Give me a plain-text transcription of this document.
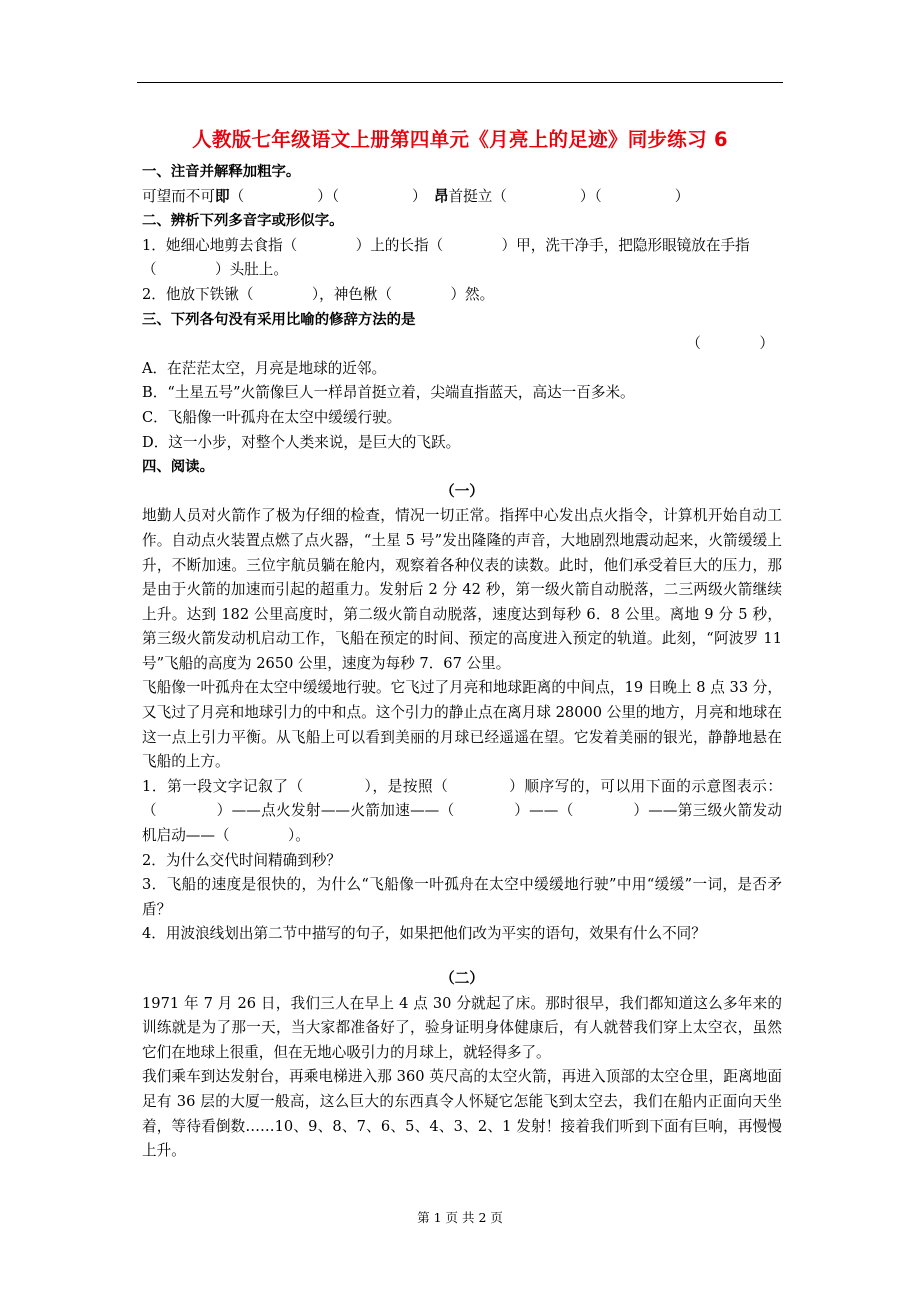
人教版七年级语文上册第四单元《月亮上的足迹》同步练习 6
一、注音并解释加粗字。
可望而不可即（　　　　　）（　　　　　）　昂首挺立（　　　　　）（　　　　　）
二、辨析下列多音字或形似字。
1．她细心地剪去食指（　　　　）上的长指（　　　　）甲，洗干净手，把隐形眼镜放在手指
（　　　　）头肚上。
2．他放下铁锹（　　　　），神色楸（　　　　）然。
三、下列各句没有采用比喻的修辞方法的是
（　　　　）
A．在茫茫太空，月亮是地球的近邻。
B．“土星五号”火箭像巨人一样昂首挺立着，尖端直指蓝天，高达一百多米。
C．飞船像一叶孤舟在太空中缓缓行驶。
D．这一小步，对整个人类来说，是巨大的飞跃。
四、阅读。
（一）
地勤人员对火箭作了极为仔细的检查，情况一切正常。指挥中心发出点火指令，计算机开始自动工作。自动点火装置点燃了点火器，“土星 5 号”发出隆隆的声音，大地剧烈地震动起来，火箭缓缓上升，不断加速。三位宇航员躺在舱内，观察着各种仪表的读数。此时，他们承受着巨大的压力，那是由于火箭的加速而引起的超重力。发射后 2 分 42 秒，第一级火箭自动脱落，二三两级火箭继续上升。达到 182 公里高度时，第二级火箭自动脱落，速度达到每秒 6．8 公里。离地 9 分 5 秒，第三级火箭发动机启动工作，飞船在预定的时间、预定的高度进入预定的轨道。此刻，“阿波罗 11 号”飞船的高度为 2650 公里，速度为每秒 7．67 公里。
飞船像一叶孤舟在太空中缓缓地行驶。它飞过了月亮和地球距离的中间点，19 日晚上 8 点 33 分，又飞过了月亮和地球引力的中和点。这个引力的静止点在离月球 28000 公里的地方，月亮和地球在这一点上引力平衡。从飞船上可以看到美丽的月球已经遥遥在望。它发着美丽的银光，静静地悬在飞船的上方。
1．第一段文字记叙了（　　　　），是按照（　　　　）顺序写的，可以用下面的示意图表示：（　　　　）——点火发射——火箭加速——（　　　　）——（　　　　）——第三级火箭发动机启动——（　　　　）。
2．为什么交代时间精确到秒？
3．飞船的速度是很快的，为什么“飞船像一叶孤舟在太空中缓缓地行驶”中用“缓缓”一词，是否矛盾？
4．用波浪线划出第二节中描写的句子，如果把他们改为平实的语句，效果有什么不同？
（二）
1971 年 7 月 26 日，我们三人在早上 4 点 30 分就起了床。那时很早，我们都知道这么多年来的训练就是为了那一天，当大家都准备好了，验身证明身体健康后，有人就替我们穿上太空衣，虽然它们在地球上很重，但在无地心吸引力的月球上，就轻得多了。
我们乘车到达发射台，再乘电梯进入那 360 英尺高的太空火箭，再进入顶部的太空仓里，距离地面足有 36 层的大厦一般高，这么巨大的东西真令人怀疑它怎能飞到太空去，我们在船内正面向天坐着，等待看倒数……10、9、8、7、6、5、4、3、2、1 发射！接着我们听到下面有巨响，再慢慢上升。
第 1 页 共 2 页
